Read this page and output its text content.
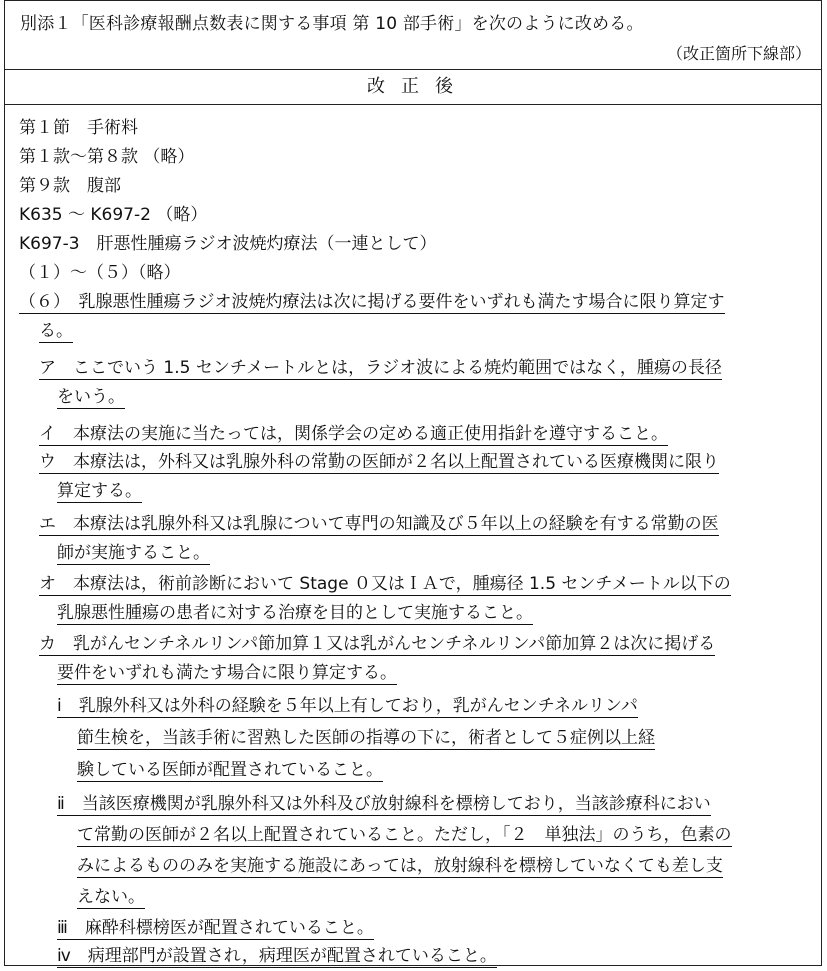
別添１「医科診療報酬点数表に関する事項 第 10 部手術」を次のように改める。
（改正箇所下線部）
改正後
第１節　手術料
第１款～第８款 （略）
第９款　腹部
K635 ～ K697-2 （略）
K697-3　肝悪性腫瘍ラジオ波焼灼療法（一連として）
（１）～（５）（略）
（６）　乳腺悪性腫瘍ラジオ波焼灼療法は次に掲げる要件をいずれも満たす場合に限り算定す
る。
ア　ここでいう 1.5 センチメートルとは，ラジオ波による焼灼範囲ではなく，腫瘍の長径
をいう。
イ　本療法の実施に当たっては，関係学会の定める適正使用指針を遵守すること。
ウ　本療法は，外科又は乳腺外科の常勤の医師が２名以上配置されている医療機関に限り
算定する。
エ　本療法は乳腺外科又は乳腺について専門の知識及び５年以上の経験を有する常勤の医
師が実施すること。
オ　本療法は，術前診断において Stage ０又はＩＡで，腫瘍径 1.5 センチメートル以下の
乳腺悪性腫瘍の患者に対する治療を目的として実施すること。
カ　乳がんセンチネルリンパ節加算１又は乳がんセンチネルリンパ節加算２は次に掲げる
要件をいずれも満たす場合に限り算定する。
ⅰ　乳腺外科又は外科の経験を５年以上有しており，乳がんセンチネルリンパ
節生検を，当該手術に習熟した医師の指導の下に，術者として５症例以上経
験している医師が配置されていること。
ⅱ　当該医療機関が乳腺外科又は外科及び放射線科を標榜しており，当該診療科におい
て常勤の医師が２名以上配置されていること。ただし，「２　単独法」のうち，色素の
みによるもののみを実施する施設にあっては，放射線科を標榜していなくても差し支
えない。
ⅲ　麻酔科標榜医が配置されていること。
ⅳ　病理部門が設置され，病理医が配置されていること。
